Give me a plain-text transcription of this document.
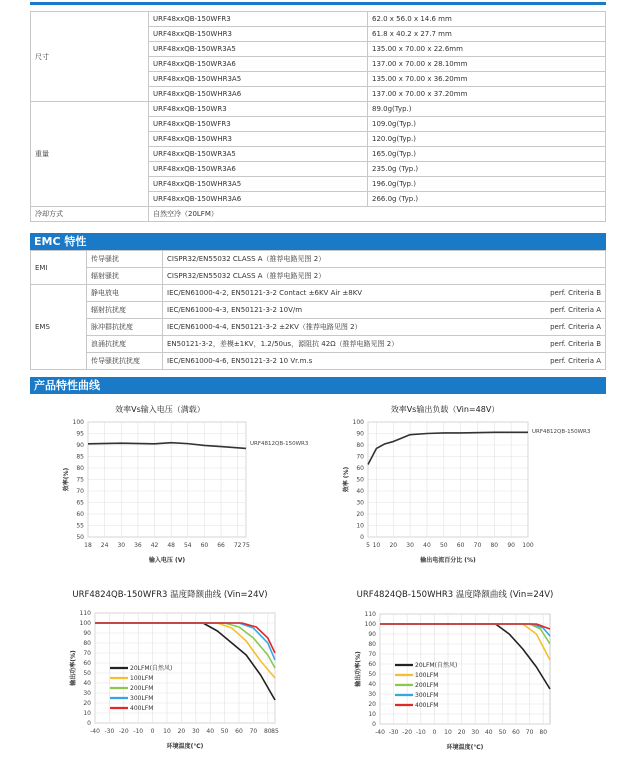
尺寸	URF48xxQB-150WFR3	62.0 x 56.0 x 14.6 mm
	URF48xxQB-150WHR3	61.8 x 40.2 x 27.7 mm
	URF48xxQB-150WR3A5	135.00 x 70.00 x 22.6mm
	URF48xxQB-150WR3A6	137.00 x 70.00 x 28.10mm
	URF48xxQB-150WHR3A5	135.00 x 70.00 x 36.20mm
	URF48xxQB-150WHR3A6	137.00 x 70.00 x 37.20mm
重量	URF48xxQB-150WR3	89.0g(Typ.)
	URF48xxQB-150WFR3	109.0g(Typ.)
	URF48xxQB-150WHR3	120.0g(Typ.)
	URF48xxQB-150WR3A5	165.0g(Typ.)
	URF48xxQB-150WR3A6	235.0g (Typ.)
	URF48xxQB-150WHR3A5	196.0g(Typ.)
	URF48xxQB-150WHR3A6	266.0g (Typ.)
冷却方式	自然空冷（20LFM）	
EMC 特性
EMI	传导骚扰	CISPR32/EN55032 CLASS A（推荐电路见图 2）

	辐射骚扰	CISPR32/EN55032 CLASS A（推荐电路见图 2）

EMS	静电放电	IEC/EN61000-4-2, EN50121-3-2 Contact ±6KV Air ±8KV perf. Criteria B

	辐射抗扰度	IEC/EN61000-4-3, EN50121-3-2 10V/m perf. Criteria A

	脉冲群抗扰度	IEC/EN61000-4-4, EN50121-3-2 ±2KV（推荐电路见图 2） perf. Criteria A

	浪涌抗扰度	EN50121-3-2，差模±1KV，1.2/50us，源阻抗 42Ω（推荐电路见图 2） perf. Criteria B

	传导骚扰抗扰度	IEC/EN61000-4-6, EN50121-3-2 10 Vr.m.s perf. Criteria A
产品特性曲线
18 24 30 36 42 48 54 60 66 72 75
50
55
60
65
70
75
80
85
90
95
100
效率Vs输入电压（满载）
输入电压 (V)
效率(%)
URF4812QB-150WR3
5 10 20 30 40 50 60 70 80 90 100
0
10
20
30
40
50
60
70
80
90
100
效率Vs输出负载（Vin=48V）
输出电流百分比 (%)
效率 (%)
URF4812QB-150WR3
-40 -30 -20 -10 0 10 20 30 40 50 60 70 80 85
0
10
20
30
40
50
60
70
80
90
100
110
URF4824QB-150WFR3 温度降额曲线 (Vin=24V)
环境温度(℃)
输出功率(%)	20LFM(自然风)
100LFM
200LFM
300LFM
400LFM
-40 -30 -20 -10 0 10 20 30 40 50 60 70 80
0
10
20
30
40
50
60
70
80
90
100
110
URF4824QB-150WHR3 温度降额曲线 (Vin=24V)
环境温度(℃)
输出功率(%)	20LFM(自然风)
100LFM
200LFM
300LFM
400LFM
